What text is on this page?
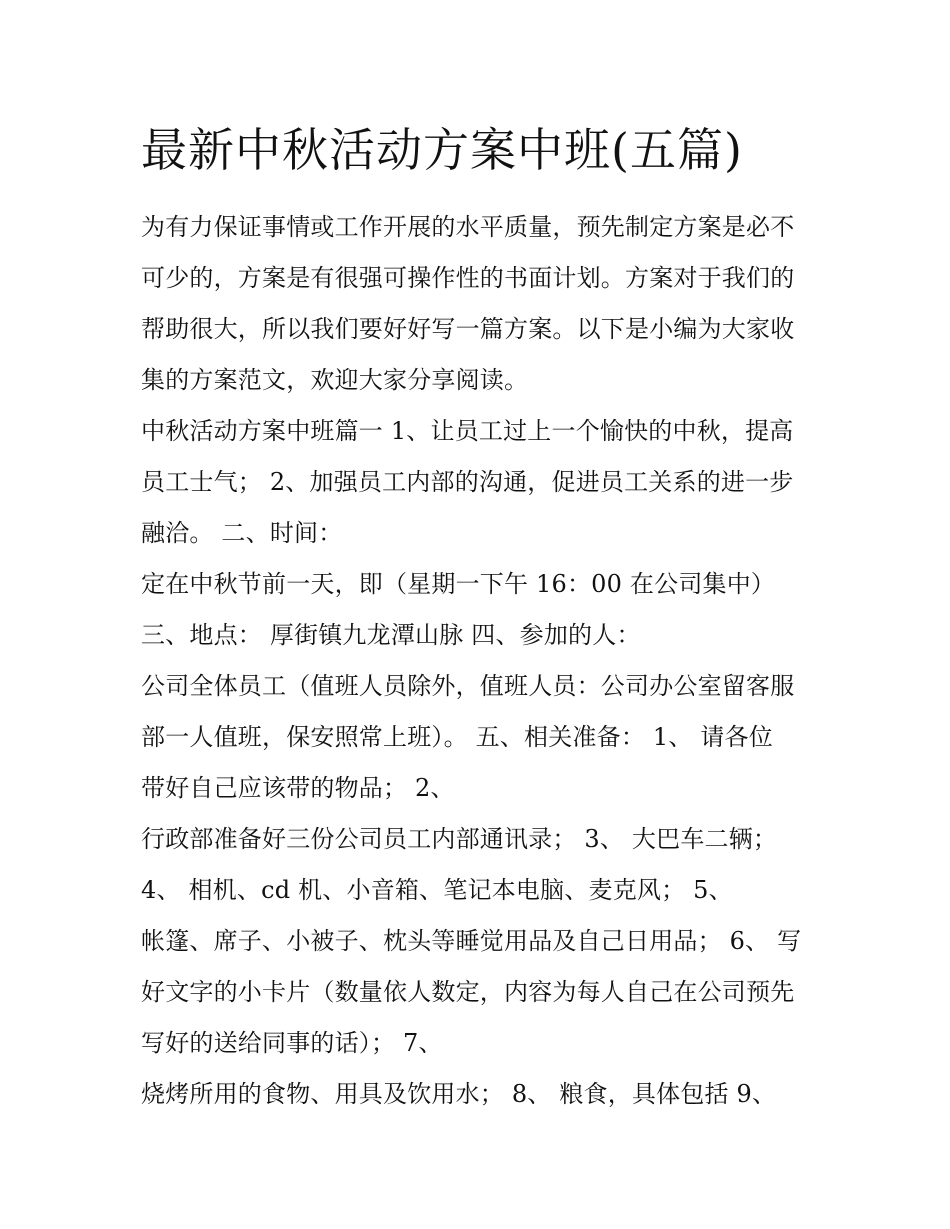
最新中秋活动方案中班(五篇)

为有力保证事情或工作开展的水平质量，预先制定方案是必不
可少的，方案是有很强可操作性的书面计划。方案对于我们的
帮助很大，所以我们要好好写一篇方案。以下是小编为大家收
集的方案范文，欢迎大家分享阅读。

中秋活动方案中班篇一 1、让员工过上一个愉快的中秋，提高
员工士气； 2、加强员工内部的沟通，促进员工关系的进一步
融洽。 二、时间：

定在中秋节前一天，即（星期一下午 16：00 在公司集中）

三、地点： 厚街镇九龙潭山脉 四、参加的人：

公司全体员工（值班人员除外，值班人员：公司办公室留客服
部一人值班，保安照常上班）。 五、相关准备： 1、 请各位
带好自己应该带的物品； 2、

行政部准备好三份公司员工内部通讯录； 3、 大巴车二辆；

4、 相机、cd 机、小音箱、笔记本电脑、麦克风； 5、

帐篷、席子、小被子、枕头等睡觉用品及自己日用品； 6、 写
好文字的小卡片（数量依人数定，内容为每人自己在公司预先
写好的送给同事的话）； 7、

烧烤所用的食物、用具及饮用水； 8、 粮食，具体包括 9、
